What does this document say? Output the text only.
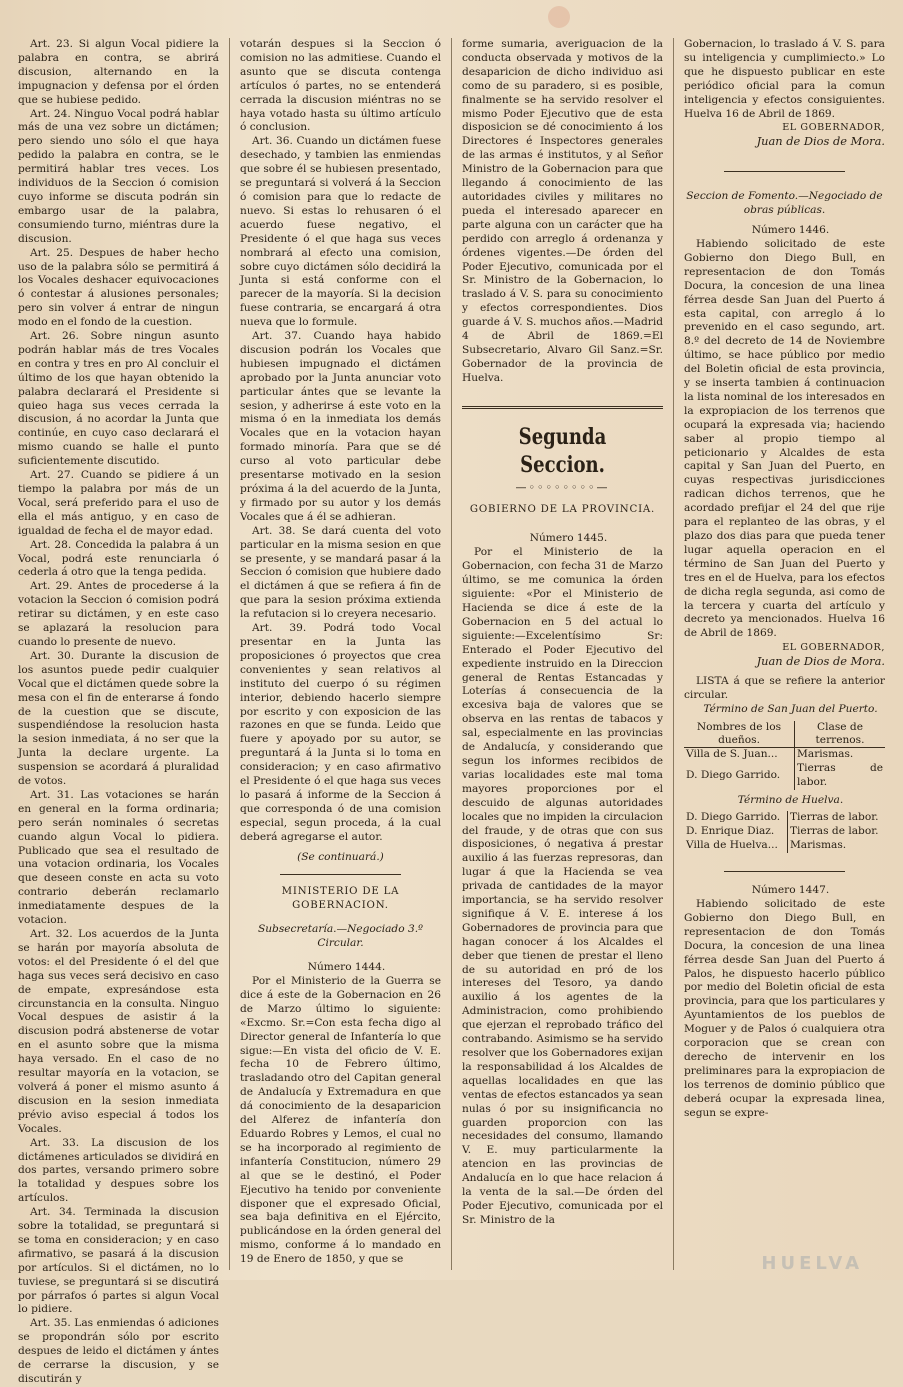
Art. 23. Si algun Vocal pidiere la palabra en contra, se abrirá discusion, alternando en la impugnacion y defensa por el órden que se hubiese pedido.

Art. 24. Ninguo Vocal podrá hablar más de una vez sobre un dictámen; pero siendo uno sólo el que haya pedido la palabra en contra, se le permitirá hablar tres veces. Los individuos de la Seccion ó comision cuyo informe se discuta podrán sin embargo usar de la palabra, consumiendo turno, miéntras dure la discusion.

Art. 25. Despues de haber hecho uso de la palabra sólo se permitirá á los Vocales deshacer equivocaciones ó contestar á alusiones personales; pero sin volver á entrar de ningun modo en el fondo de la cuestion.

Art. 26. Sobre ningun asunto podrán hablar más de tres Vocales en contra y tres en pro Al concluir el último de los que hayan obtenido la palabra declarará el Presidente si quieo haga sus veces cerrada la discusion, á no acordar la Junta que continúe, en cuyo caso declarará el mismo cuando se halle el punto suficientemente discutido.

Art. 27. Cuando se pidiere á un tiempo la palabra por más de un Vocal, será preferido para el uso de ella el más antiguo, y en caso de igualdad de fecha el de mayor edad.

Art. 28. Concedida la palabra á un Vocal, podrá este renunciarla ó cederla á otro que la tenga pedida.

Art. 29. Antes de procederse á la votacion la Seccion ó comision podrá retirar su dictámen, y en este caso se aplazará la resolucion para cuando lo presente de nuevo.

Art. 30. Durante la discusion de los asuntos puede pedir cualquier Vocal que el dictámen quede sobre la mesa con el fin de enterarse á fondo de la cuestion que se discute, suspendiéndose la resolucion hasta la sesion inmediata, á no ser que la Junta la declare urgente. La suspension se acordará á pluralidad de votos.

Art. 31. Las votaciones se harán en general en la forma ordinaria; pero serán nominales ó secretas cuando algun Vocal lo pidiera. Publicado que sea el resultado de una votacion ordinaria, los Vocales que deseen conste en acta su voto contrario deberán reclamarlo inmediatamente despues de la votacion.

Art. 32. Los acuerdos de la Junta se harán por mayoría absoluta de votos: el del Presidente ó el del que haga sus veces será decisivo en caso de empate, expresándose esta circunstancia en la consulta. Ninguo Vocal despues de asistir á la discusion podrá abstenerse de votar en el asunto sobre que la misma haya versado. En el caso de no resultar mayoría en la votacion, se volverá á poner el mismo asunto á discusion en la sesion inmediata prévio aviso especial á todos los Vocales.

Art. 33. La discusion de los dictámenes articulados se dividirá en dos partes, versando primero sobre la totalidad y despues sobre los artículos.

Art. 34. Terminada la discusion sobre la totalidad, se preguntará si se toma en consideracion; y en caso afirmativo, se pasará á la discusion por artículos. Si el dictámen, no lo tuviese, se preguntará si se discutirá por párrafos ó partes si algun Vocal lo pidiere.

Art. 35. Las enmiendas ó adiciones se propondrán sólo por escrito despues de leido el dictámen y ántes de cerrarse la discusion, y se discutirán y

votarán despues si la Seccion ó comision no las admitiese. Cuando el asunto que se discuta contenga artículos ó partes, no se entenderá cerrada la discusion miéntras no se haya votado hasta su último artículo ó conclusion.

Art. 36. Cuando un dictámen fuese desechado, y tambien las enmiendas que sobre él se hubiesen presentado, se preguntará si volverá á la Seccion ó comision para que lo redacte de nuevo. Si estas lo rehusaren ó el acuerdo fuese negativo, el Presidente ó el que haga sus veces nombrará al efecto una comision, sobre cuyo dictámen sólo decidirá la Junta si está conforme con el parecer de la mayoría. Si la decision fuese contraria, se encargará á otra nueva que lo formule.

Art. 37. Cuando haya habido discusion podrán los Vocales que hubiesen impugnado el dictámen aprobado por la Junta anunciar voto particular ántes que se levante la sesion, y adherirse á este voto en la misma ó en la inmediata los demás Vocales que en la votacion hayan formado minoría. Para que se dé curso al voto particular debe presentarse motivado en la sesion próxima á la del acuerdo de la Junta, y firmado por su autor y los demás Vocales que á él se adhieran.

Art. 38. Se dará cuenta del voto particular en la misma sesion en que se presente, y se mandará pasar á la Seccion ó comision que hubiere dado el dictámen á que se refiera á fin de que para la sesion próxima extienda la refutacion si lo creyera necesario.

Art. 39. Podrá todo Vocal presentar en la Junta las proposiciones ó proyectos que crea convenientes y sean relativos al instituto del cuerpo ó su régimen interior, debiendo hacerlo siempre por escrito y con exposicion de las razones en que se funda. Leido que fuere y apoyado por su autor, se preguntará á la Junta si lo toma en consideracion; y en caso afirmativo el Presidente ó el que haga sus veces lo pasará á informe de la Seccion á que corresponda ó de una comision especial, segun proceda, á la cual deberá agregarse el autor.

(Se continuará.)

MINISTERIO DE LA GOBERNACION.

Subsecretaría.—Negociado 3.º

Circular.

Número 1444.

Por el Ministerio de la Guerra se dice á este de la Gobernacion en 26 de Marzo último lo siguiente: «Excmo. Sr.=Con esta fecha digo al Director general de Infantería lo que sigue:—En vista del oficio de V. E. fecha 10 de Febrero último, trasladando otro del Capitan general de Andalucía y Extremadura en que dá conocimiento de la desaparicion del Alferez de infantería don Eduardo Robres y Lemos, el cual no se ha incorporado al regimiento de infantería Constitucion, número 29 al que se le destinó, el Poder Ejecutivo ha tenido por conveniente disponer que el expresado Oficial, sea baja definitiva en el Ejército, publicándose en la órden general del mismo, conforme á lo mandado en 19 de Enero de 1850, y que se

forme sumaria, averiguacion de la conducta observada y motivos de la desaparicion de dicho individuo asi como de su paradero, si es posible, finalmente se ha servido resolver el mismo Poder Ejecutivo que de esta disposicion se dé conocimiento á los Directores é Inspectores generales de las armas é institutos, y al Señor Ministro de la Gobernacion para que llegando á conocimiento de las autoridades civiles y militares no pueda el interesado aparecer en parte alguna con un carácter que ha perdido con arreglo á ordenanza y órdenes vigentes.—De órden del Poder Ejecutivo, comunicada por el Sr. Ministro de la Gobernacion, lo traslado á V. S. para su conocimiento y efectos correspondientes. Dios guarde á V. S. muchos años.—Madrid 4 de Abril de 1869.=El Subsecretario, Alvaro Gil Sanz.=Sr. Gobernador de la provincia de Huelva.

Segunda Seccion.
—◦◦◦◦◦◦◦◦—

GOBIERNO DE LA PROVINCIA.

Número 1445.

Por el Ministerio de la Gobernacion, con fecha 31 de Marzo último, se me comunica la órden siguiente: «Por el Ministerio de Hacienda se dice á este de la Gobernacion en 5 del actual lo siguiente:—Excelentísimo Sr: Enterado el Poder Ejecutivo del expediente instruido en la Direccion general de Rentas Estancadas y Loterías á consecuencia de la excesiva baja de valores que se observa en las rentas de tabacos y sal, especialmente en las provincias de Andalucía, y considerando que segun los informes recibidos de varias localidades este mal toma mayores proporciones por el descuido de algunas autoridades locales que no impiden la circulacion del fraude, y de otras que con sus disposiciones, ó negativa á prestar auxilio á las fuerzas represoras, dan lugar á que la Hacienda se vea privada de cantidades de la mayor importancia, se ha servido resolver signifique á V. E. interese á los Gobernadores de provincia para que hagan conocer á los Alcaldes el deber que tienen de prestar el lleno de su autoridad en pró de los intereses del Tesoro, ya dando auxilio á los agentes de la Administracion, como prohibiendo que ejerzan el reprobado tráfico del contrabando. Asimismo se ha servido resolver que los Gobernadores exijan la responsabilidad á los Alcaldes de aquellas localidades en que las ventas de efectos estancados ya sean nulas ó por su insignificancia no guarden proporcion con las necesidades del consumo, llamando V. E. muy particularmente la atencion en las provincias de Andalucía en lo que hace relacion á la venta de la sal.—De órden del Poder Ejecutivo, comunicada por el Sr. Ministro de la

Gobernacion, lo traslado á V. S. para su inteligencia y cumplimiecto.» Lo que he dispuesto publicar en este periódico oficial para la comun inteligencia y efectos consiguientes. Huelva 16 de Abril de 1869.

EL GOBERNADOR,
Juan de Dios de Mora.

Seccion de Fomento.—Negociado de obras públicas.

Número 1446.

Habiendo solicitado de este Gobierno don Diego Bull, en representacion de don Tomás Docura, la concesion de una linea férrea desde San Juan del Puerto á esta capital, con arreglo á lo prevenido en el caso segundo, art. 8.º del decreto de 14 de Noviembre último, se hace público por medio del Boletin oficial de esta provincia, y se inserta tambien á continuacion la lista nominal de los interesados en la expropiacion de los terrenos que ocupará la expresada via; haciendo saber al propio tiempo al peticionario y Alcaldes de esta capital y San Juan del Puerto, en cuyas respectivas jurisdicciones radican dichos terrenos, que he acordado prefijar el 24 del que rije para el replanteo de las obras, y el plazo dos dias para que pueda tener lugar aquella operacion en el término de San Juan del Puerto y tres en el de Huelva, para los efectos de dicha regla segunda, asi como de la tercera y cuarta del artículo y decreto ya mencionados. Huelva 16 de Abril de 1869.

EL GOBERNADOR,
Juan de Dios de Mora.

LISTA á que se refiere la anterior circular.

Término de San Juan del Puerto.

Nombres de los dueños.	Clase de terrenos.
Villa de S. Juan...	Marismas.
D. Diego Garrido.	Tierras de labor.

Término de Huelva.

D. Diego Garrido.	Tierras de labor.
D. Enrique Diaz.	Tierras de labor.
Villa de Huelva...	Marismas.

Número 1447.

Habiendo solicitado de este Gobierno don Diego Bull, en representacion de don Tomás Docura, la concesion de una linea férrea desde San Juan del Puerto á Palos, he dispuesto hacerlo público por medio del Boletin oficial de esta provincia, para que los particulares y Ayuntamientos de los pueblos de Moguer y de Palos ó cualquiera otra corporacion que se crean con derecho de intervenir en los preliminares para la expropiacion de los terrenos de dominio público que deberá ocupar la expresada linea, segun se expre-

HUELVA
